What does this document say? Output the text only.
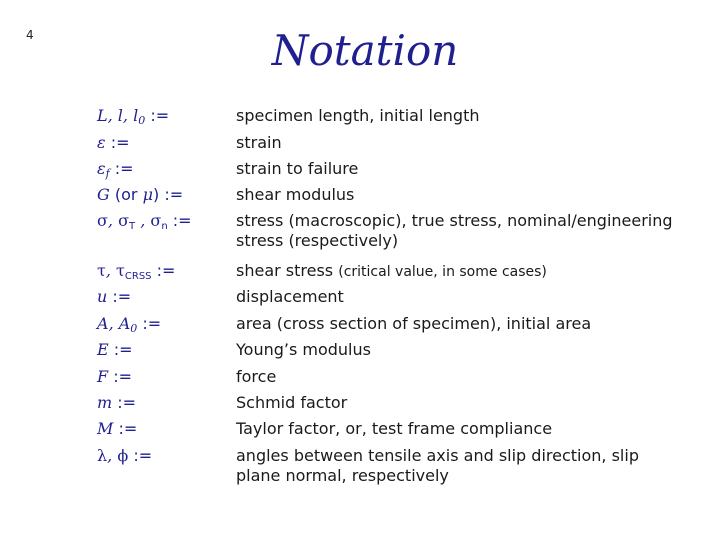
4	Notation
L, l, $l_0$ :=	specimen length, initial length
ε :=	strain
$\varepsilon_f$ :=	strain to failure
G (or μ) :=	shear modulus
σ, $\sigma_T$ , $\sigma_n$ :=	stress (macroscopic), true stress, nominal/engineering
stress (respectively)
τ, $\tau_{CRSS}$ :=	shear stress (critical value, in some cases)
u :=	displacement
A, $A_0$ :=	area (cross section of specimen), initial area
E :=	Young’s modulus
F :=	force
m :=	Schmid factor
M :=	Taylor factor, or, test frame compliance
λ, ϕ :=	angles between tensile axis and slip direction, slip
plane normal, respectively
